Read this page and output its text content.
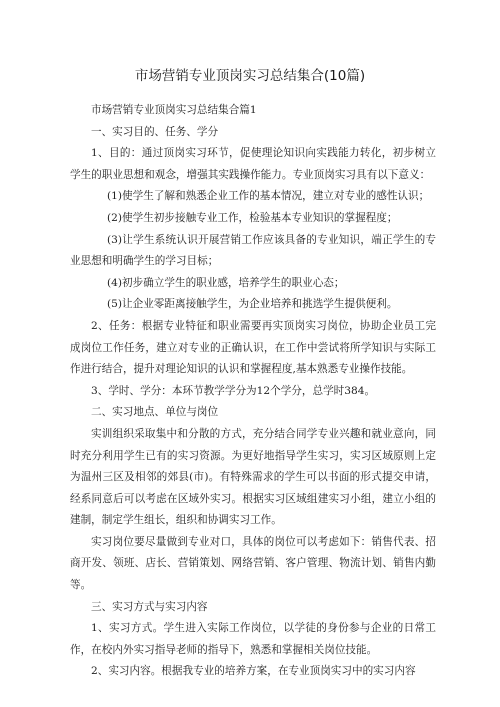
市场营销专业顶岗实习总结集合(10篇)

市场营销专业顶岗实习总结集合篇1

一、实习目的、任务、学分

1、目的：通过顶岗实习环节，促使理论知识向实践能力转化，初步树立学生的职业思想和观念，增强其实践操作能力。专业顶岗实习具有以下意义：

(1)使学生了解和熟悉企业工作的基本情况，建立对专业的感性认识；

(2)使学生初步接触专业工作，检验基本专业知识的掌握程度；

(3)让学生系统认识开展营销工作应该具备的专业知识，端正学生的专业思想和明确学生的学习目标；

(4)初步确立学生的职业感，培养学生的职业心态；

(5)让企业零距离接触学生，为企业培养和挑选学生提供便利。

2、任务：根据专业特征和职业需要再实顶岗实习岗位，协助企业员工完成岗位工作任务，建立对专业的正确认识，在工作中尝试将所学知识与实际工作进行结合，提升对理论知识的认识和掌握程度,基本熟悉专业操作技能。

3、学时、学分：本环节教学学分为12个学分，总学时384。

二、实习地点、单位与岗位

实训组织采取集中和分散的方式，充分结合同学专业兴趣和就业意向，同时充分利用学生已有的实习资源。为更好地指导学生实习，实习区域原则上定为温州三区及相邻的郊县(市)。有特殊需求的学生可以书面的形式提交申请，经系同意后可以考虑在区域外实习。根据实习区域组建实习小组，建立小组的建制，制定学生组长，组织和协调实习工作。

实习岗位要尽量做到专业对口，具体的岗位可以考虑如下：销售代表、招商开发、领班、店长、营销策划、网络营销、客户管理、物流计划、销售内勤等。

三、实习方式与实习内容

1、实习方式。学生进入实际工作岗位，以学徒的身份参与企业的日常工作，在校内外实习指导老师的指导下，熟悉和掌握相关岗位技能。

2、实习内容。根据我专业的培养方案，在专业顶岗实习中的实习内容
